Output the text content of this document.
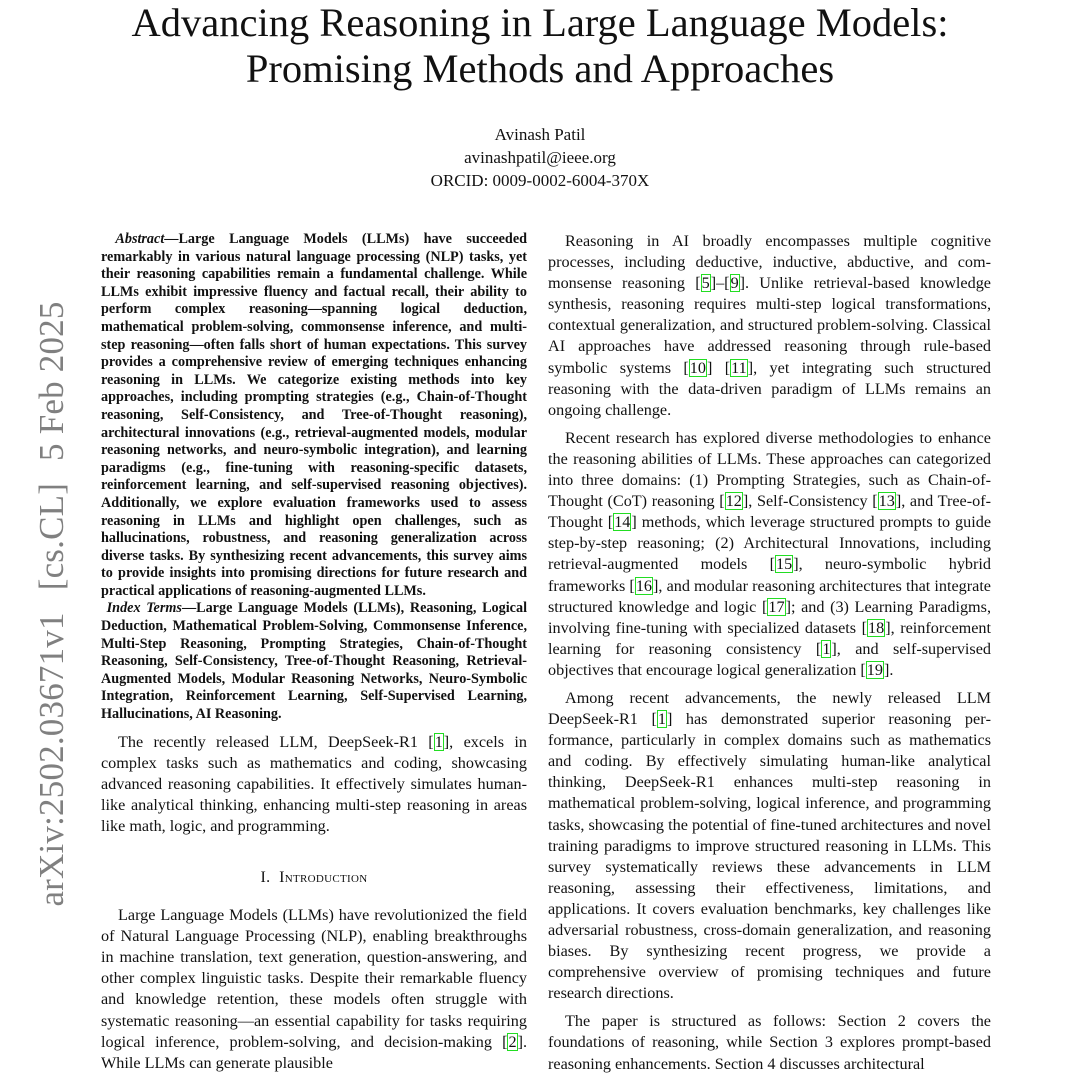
Advancing Reasoning in Large Language Models:
Promising Methods and Approaches
Avinash Patil
avinashpatil@ieee.org
ORCID: 0009-0002-6004-370X
arXiv:2502.03671v1[cs.CL]5 Feb 2025

Abstract—Large Language Models (LLMs) have succeeded remarkably in various natural language processing (NLP) tasks, yet their reasoning capabilities remain a fundamental challenge. While LLMs exhibit impressive fluency and factual recall, their ability to perform complex reasoning—spanning logical deduction, mathematical problem-solving, commonsense inference, and multi-step reasoning—often falls short of human expectations. This survey provides a comprehensive review of emerging techniques enhancing reasoning in LLMs. We categorize existing methods into key approaches, including prompting strategies (e.g., Chain-of-Thought reasoning, Self-Consistency, and Tree-of-Thought reasoning), architectural innovations (e.g., retrieval-augmented models, modular reasoning networks, and neuro-symbolic integration), and learning paradigms (e.g., fine-tuning with reasoning-specific datasets, reinforcement learning, and self-supervised reasoning objectives). Additionally, we explore evaluation frameworks used to assess reasoning in LLMs and highlight open challenges, such as hallucinations, robustness, and reasoning generalization across diverse tasks. By synthesizing recent advancements, this survey aims to provide insights into promising directions for future research and practical applications of reasoning-augmented LLMs.

Index Terms—Large Language Models (LLMs), Reasoning, Logical Deduction, Mathematical Problem-Solving, Commonsense Inference, Multi-Step Reasoning, Prompting Strategies, Chain-of-Thought Reasoning, Self-Consistency, Tree-of-Thought Reasoning, Retrieval-Augmented Models, Modular Reasoning Networks, Neuro-Symbolic Integration, Reinforcement Learning, Self-Supervised Learning, Hallucinations, AI Reasoning.

The recently released LLM, DeepSeek-R1 [1], excels in complex tasks such as mathematics and coding, showcasing advanced reasoning capabilities. It effectively simulates human-like analytical thinking, enhancing multi-step reasoning in areas like math, logic, and programming.

I. Introduction

Large Language Models (LLMs) have revolutionized the field of Natural Language Processing (NLP), enabling breakthroughs in machine translation, text generation, question-answering, and other complex linguistic tasks. Despite their remarkable fluency and knowledge retention, these models often struggle with systematic reasoning—an essential capability for tasks requiring logical inference, problem-solving, and decision-making [2]. While LLMs can generate plausible

Reasoning in AI broadly encompasses multiple cognitive processes, including deductive, inductive, abductive, and commonsense reasoning [5]–[9]. Unlike retrieval-based knowledge synthesis, reasoning requires multi-step logical transformations, contextual generalization, and structured problem-solving. Classical AI approaches have addressed reasoning through rule-based symbolic systems [10] [11], yet integrating such structured reasoning with the data-driven paradigm of LLMs remains an ongoing challenge.

Recent research has explored diverse methodologies to enhance the reasoning abilities of LLMs. These approaches can categorized into three domains: (1) Prompting Strategies, such as Chain-of-Thought (CoT) reasoning [12], Self-Consistency [13], and Tree-of-Thought [14] methods, which leverage structured prompts to guide step-by-step reasoning; (2) Architectural Innovations, including retrieval-augmented models [15], neuro-symbolic hybrid frameworks [16], and modular reasoning architectures that integrate structured knowledge and logic [17]; and (3) Learning Paradigms, involving fine-tuning with specialized datasets [18], reinforcement learning for reasoning consistency [1], and self-supervised objectives that encourage logical generalization [19].

Among recent advancements, the newly released LLM DeepSeek-R1 [1] has demonstrated superior reasoning performance, particularly in complex domains such as mathematics and coding. By effectively simulating human-like analytical thinking, DeepSeek-R1 enhances multi-step reasoning in mathematical problem-solving, logical inference, and programming tasks, showcasing the potential of fine-tuned architectures and novel training paradigms to improve structured reasoning in LLMs. This survey systematically reviews these advancements in LLM reasoning, assessing their effectiveness, limitations, and applications. It covers evaluation benchmarks, key challenges like adversarial robustness, cross-domain generalization, and reasoning biases. By synthesizing recent progress, we provide a comprehensive overview of promising techniques and future research directions.

The paper is structured as follows: Section 2 covers the foundations of reasoning, while Section 3 explores prompt-based reasoning enhancements. Section 4 discusses architectural
